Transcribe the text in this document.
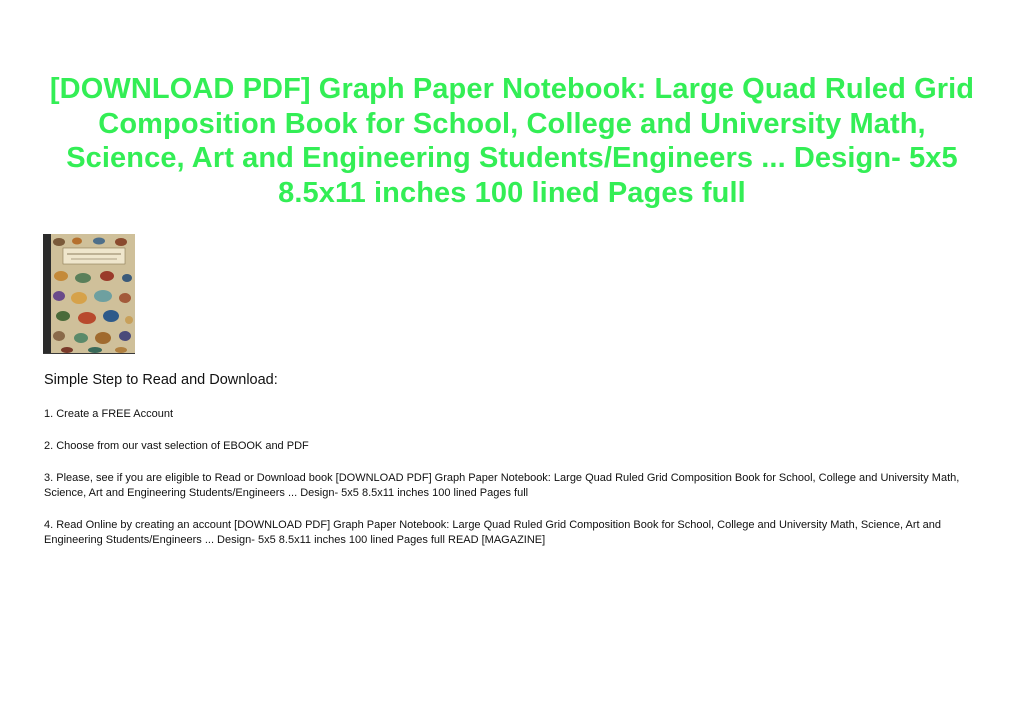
[DOWNLOAD PDF] Graph Paper Notebook: Large Quad Ruled Grid Composition Book for School, College and University Math, Science, Art and Engineering Students/Engineers ... Design- 5x5 8.5x11 inches 100 lined Pages full

Simple Step to Read and Download:

1. Create a FREE Account

2. Choose from our vast selection of EBOOK and PDF

3. Please, see if you are eligible to Read or Download book [DOWNLOAD PDF] Graph Paper Notebook: Large Quad Ruled Grid Composition Book for School, College and University Math, Science, Art and Engineering Students/Engineers ... Design- 5x5 8.5x11 inches 100 lined Pages full

4. Read Online by creating an account [DOWNLOAD PDF] Graph Paper Notebook: Large Quad Ruled Grid Composition Book for School, College and University Math, Science, Art and Engineering Students/Engineers ... Design- 5x5 8.5x11 inches 100 lined Pages full READ [MAGAZINE]
